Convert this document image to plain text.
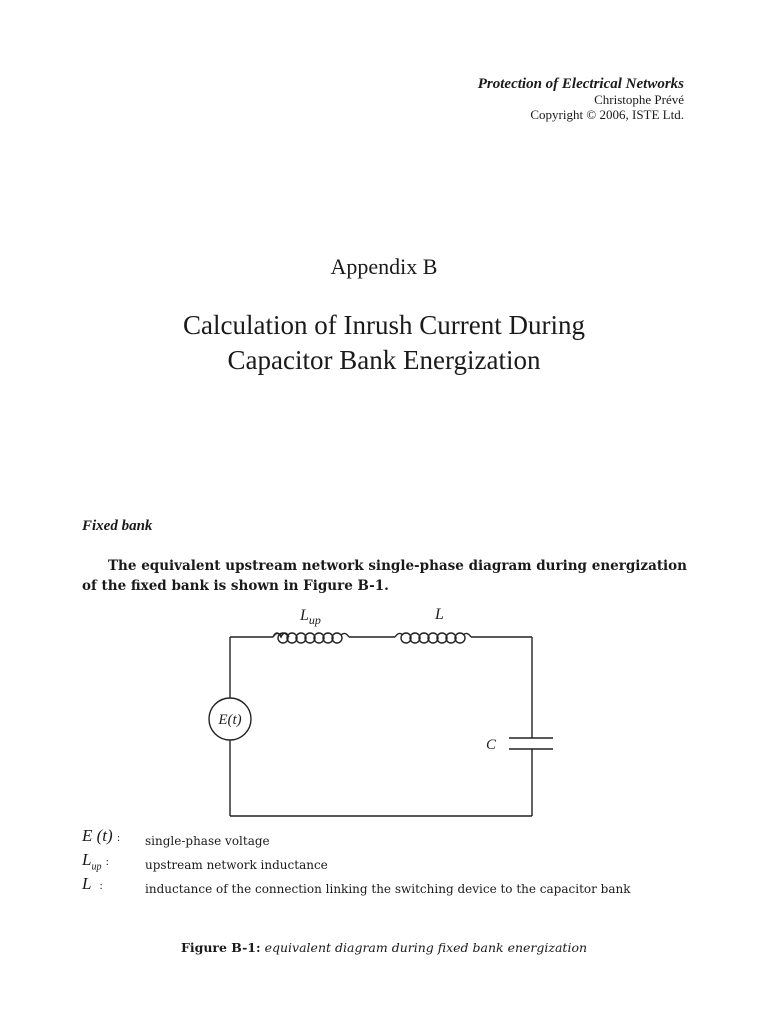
Protection of Electrical Networks
Christophe Prévé
Copyright © 2006, ISTE Ltd.
Appendix B
Calculation of Inrush Current During
Capacitor Bank Energization
Fixed bank
The equivalent upstream network single-phase diagram during energization of the fixed bank is shown in Figure B-1.
$L_{up}$	L
E(t)
C
E (t) : single-phase voltage
$L_{up}$ :	upstream network inductance
L :	inductance of the connection linking the switching device to the capacitor bank
Figure B-1: equivalent diagram during fixed bank energization
